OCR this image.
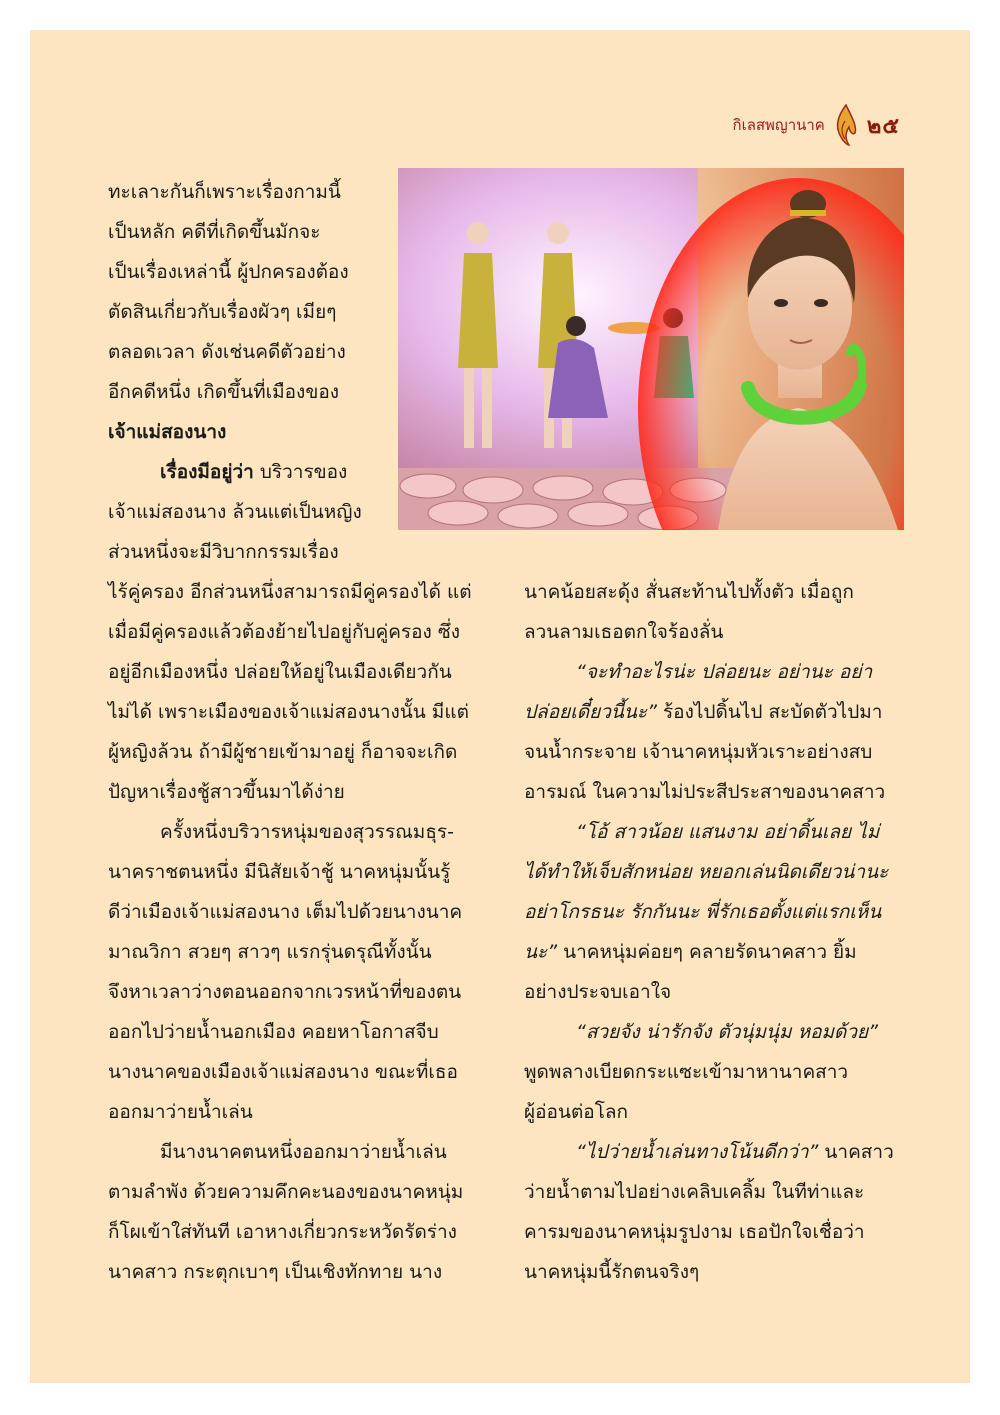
กิเลสพญานาค ๒๕
ทะเลาะกันก็เพราะเรื่องกามนี้
เป็นหลัก คดีที่เกิดขึ้นมักจะ
เป็นเรื่องเหล่านี้ ผู้ปกครองต้อง
ตัดสินเกี่ยวกับเรื่องผัวๆ เมียๆ
ตลอดเวลา ดังเช่นคดีตัวอย่าง
อีกคดีหนึ่ง เกิดขึ้นที่เมืองของ
เจ้าแม่สองนาง
เรื่องมีอยู่ว่า บริวารของ
เจ้าแม่สองนาง ล้วนแต่เป็นหญิง
ส่วนหนึ่งจะมีวิบากกรรมเรื่อง
ไร้คู่ครอง อีกส่วนหนึ่งสามารถมีคู่ครองได้ แต่
เมื่อมีคู่ครองแล้วต้องย้ายไปอยู่กับคู่ครอง ซึ่ง
อยู่อีกเมืองหนึ่ง ปล่อยให้อยู่ในเมืองเดียวกัน
ไม่ได้ เพราะเมืองของเจ้าแม่สองนางนั้น มีแต่
ผู้หญิงล้วน ถ้ามีผู้ชายเข้ามาอยู่ ก็อาจจะเกิด
ปัญหาเรื่องชู้สาวขึ้นมาได้ง่าย
ครั้งหนึ่งบริวารหนุ่มของสุวรรณมธุร-
นาคราชตนหนึ่ง มีนิสัยเจ้าชู้ นาคหนุ่มนั้นรู้
ดีว่าเมืองเจ้าแม่สองนาง เต็มไปด้วยนางนาค
มาณวิกา สวยๆ สาวๆ แรกรุ่นดรุณีทั้งนั้น
จึงหาเวลาว่างตอนออกจากเวรหน้าที่ของตน
ออกไปว่ายน้ำนอกเมือง คอยหาโอกาสจีบ
นางนาคของเมืองเจ้าแม่สองนาง ขณะที่เธอ
ออกมาว่ายน้ำเล่น
มีนางนาคตนหนึ่งออกมาว่ายน้ำเล่น
ตามลำพัง ด้วยความคึกคะนองของนาคหนุ่ม
ก็โผเข้าใส่ทันที เอาหางเกี่ยวกระหวัดรัดร่าง
นาคสาว กระตุกเบาๆ เป็นเชิงทักทาย นาง
นาคน้อยสะดุ้ง สั่นสะท้านไปทั้งตัว เมื่อถูก
ลวนลามเธอตกใจร้องลั่น
“จะทำอะไรน่ะ ปล่อยนะ อย่านะ อย่า
ปล่อยเดี๋ยวนี้นะ” ร้องไปดิ้นไป สะบัดตัวไปมา
จนน้ำกระจาย เจ้านาคหนุ่มหัวเราะอย่างสบ
อารมณ์ ในความไม่ประสีประสาของนาคสาว
“โอ้ สาวน้อย แสนงาม อย่าดิ้นเลย ไม่
ได้ทำให้เจ็บสักหน่อย หยอกเล่นนิดเดียวน่านะ
อย่าโกรธนะ รักกันนะ พี่รักเธอตั้งแต่แรกเห็น
นะ” นาคหนุ่มค่อยๆ คลายรัดนาคสาว ยิ้ม
อย่างประจบเอาใจ
“สวยจัง น่ารักจัง ตัวนุ่มนุ่ม หอมด้วย”
พูดพลางเบียดกระแซะเข้ามาหานาคสาว
ผู้อ่อนต่อโลก
“ไปว่ายน้ำเล่นทางโน้นดีกว่า” นาคสาว
ว่ายน้ำตามไปอย่างเคลิบเคลิ้ม ในทีท่าและ
คารมของนาคหนุ่มรูปงาม เธอปักใจเชื่อว่า
นาคหนุ่มนี้รักตนจริงๆ
